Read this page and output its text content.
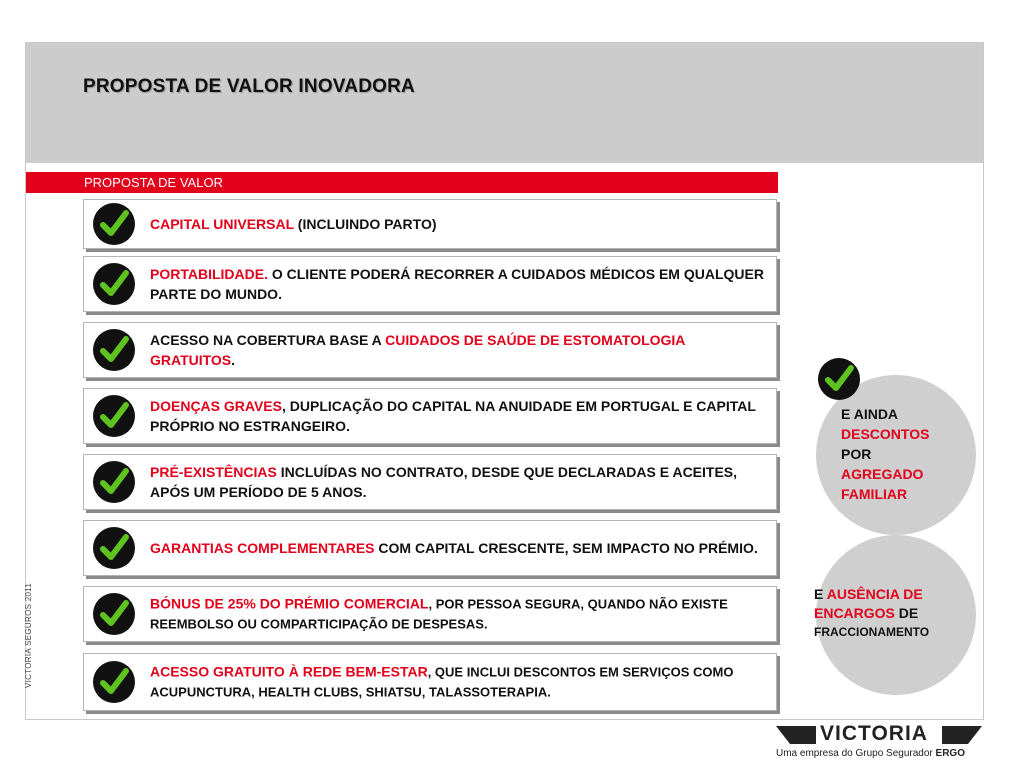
PROPOSTA DE VALOR INOVADORA
PROPOSTA DE VALOR
CAPITAL UNIVERSAL (INCLUINDO PARTO)
PORTABILIDADE. O CLIENTE PODERÁ RECORRER A CUIDADOS MÉDICOS EM QUALQUER PARTE DO MUNDO.
ACESSO NA COBERTURA BASE A CUIDADOS DE SAÚDE DE ESTOMATOLOGIA GRATUITOS.
DOENÇAS GRAVES, DUPLICAÇÃO DO CAPITAL NA ANUIDADE EM PORTUGAL E CAPITAL PRÓPRIO NO ESTRANGEIRO.
PRÉ-EXISTÊNCIAS INCLUÍDAS NO CONTRATO, DESDE QUE DECLARADAS E ACEITES, APÓS UM PERÍODO DE 5 ANOS.
GARANTIAS COMPLEMENTARES COM CAPITAL CRESCENTE, SEM IMPACTO NO PRÉMIO.
BÓNUS DE 25% DO PRÉMIO COMERCIAL, POR PESSOA SEGURA, QUANDO NÃO EXISTE REEMBOLSO OU COMPARTICIPAÇÃO DE DESPESAS.
ACESSO GRATUITO À REDE BEM-ESTAR, QUE INCLUI DESCONTOS EM SERVIÇOS COMO ACUPUNCTURA, HEALTH CLUBS, SHIATSU, TALASSOTERAPIA.
E AINDA
DESCONTOS
POR
AGREGADO
FAMILIAR
E AUSÊNCIA DE
ENCARGOS DE
FRACCIONAMENTO
VICTORIA SEGUROS 2011
VICTORIA
Uma empresa do Grupo Segurador ERGO
